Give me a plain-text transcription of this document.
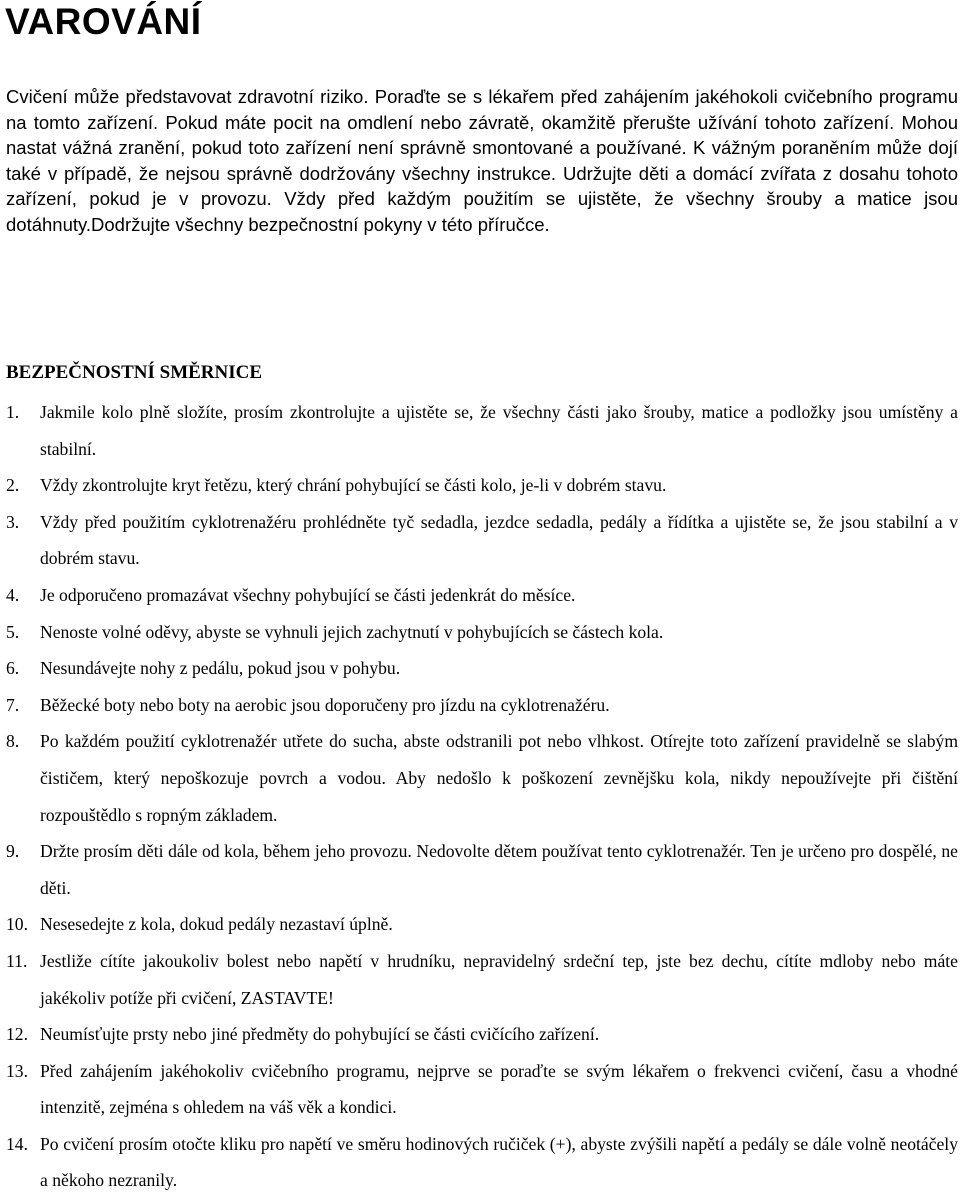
VAROVÁNÍ

Cvičení může představovat zdravotní riziko. Poraďte se s lékařem před zahájením jakéhokoli cvičebního programu na tomto zařízení. Pokud máte pocit na omdlení nebo závratě, okamžitě přerušte užívání tohoto zařízení. Mohou nastat vážná zranění, pokud toto zařízení není správně smontované a používané. K vážným poraněním může dojí také v případě, že nejsou správně dodržovány všechny instrukce. Udržujte děti a domácí zvířata z dosahu tohoto zařízení, pokud je v provozu. Vždy před každým použitím se ujistěte, že všechny šrouby a matice jsou dotáhnuty.Dodržujte všechny bezpečnostní pokyny v této příručce.

BEZPEČNOSTNÍ SMĚRNICE
1. Jakmile kolo plně složíte, prosím zkontrolujte a ujistěte se, že všechny části jako šrouby, matice a podložky jsou umístěny a stabilní.
2. Vždy zkontrolujte kryt řetězu, který chrání pohybující se části kolo, je-li v dobrém stavu.
3. Vždy před použitím cyklotrenažéru prohlédněte tyč sedadla, jezdce sedadla, pedály a řídítka a ujistěte se, že jsou stabilní a v dobrém stavu.
4. Je odporučeno promazávat všechny pohybující se části jedenkrát do měsíce.
5. Nenoste volné oděvy, abyste se vyhnuli jejich zachytnutí v pohybujících se částech kola.
6. Nesundávejte nohy z pedálu, pokud jsou v pohybu.
7. Běžecké boty nebo boty na aerobic jsou doporučeny pro jízdu na cyklotrenažéru.
8. Po každém použití cyklotrenažér utřete do sucha, abste odstranili pot nebo vlhkost. Otírejte toto zařízení pravidelně se slabým čističem, který nepoškozuje povrch a vodou. Aby nedošlo k poškození zevnějšku kola, nikdy nepoužívejte při čištění rozpouštědlo s ropným základem.
9. Držte prosím děti dále od kola, během jeho provozu. Nedovolte dětem používat tento cyklotrenažér. Ten je určeno pro dospělé, ne děti.
10. Nesesedejte z kola, dokud pedály nezastaví úplně.
11. Jestliže cítíte jakoukoliv bolest nebo napětí v hrudníku, nepravidelný srdeční tep, jste bez dechu, cítíte mdloby nebo máte jakékoliv potíže při cvičení, ZASTAVTE!
12. Neumísťujte prsty nebo jiné předměty do pohybující se části cvičícího zařízení.
13. Před zahájením jakéhokoliv cvičebního programu, nejprve se poraďte se svým lékařem o frekvenci cvičení, času a vhodné intenzitě, zejména s ohledem na váš věk a kondici.
14. Po cvičení prosím otočte kliku pro napětí ve směru hodinových ručiček (+), abyste zvýšili napětí a pedály se dále volně neotáčely a někoho nezranily.
